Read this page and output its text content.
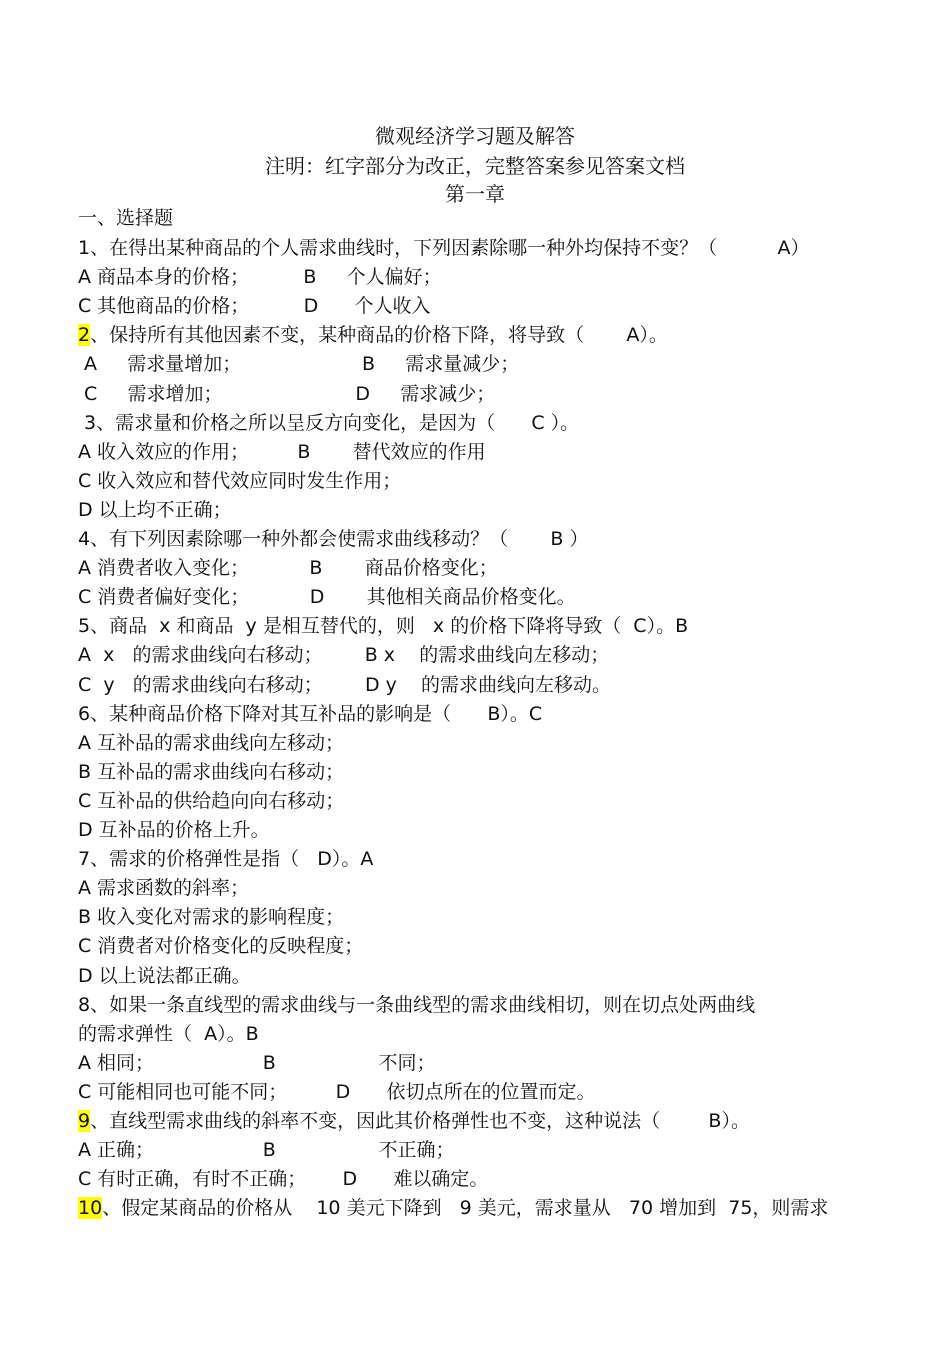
微观经济学习题及解答
注明：红字部分为改正，完整答案参见答案文档
第一章
一、选择题
1、在得出某种商品的个人需求曲线时，下列因素除哪一种外均保持不变？（          A）
A 商品本身的价格；         B     个人偏好；
C 其他商品的价格；         D      个人收入
2、保持所有其他因素不变，某种商品的价格下降，将导致（       A）。
A     需求量增加；                    B     需求量减少；
C     需求增加；                      D     需求减少；
3、需求量和价格之所以呈反方向变化，是因为（      C ）。
A 收入效应的作用；        B       替代效应的作用
C 收入效应和替代效应同时发生作用；
D 以上均不正确；
4、有下列因素除哪一种外都会使需求曲线移动？（       B ）
A 消费者收入变化；          B       商品价格变化；
C 消费者偏好变化；          D       其他相关商品价格变化。
5、商品  x 和商品  y 是相互替代的，则   x 的价格下降将导致（  C）。B
A  x   的需求曲线向右移动；       B x    的需求曲线向左移动；
C  y   的需求曲线向右移动；       D y    的需求曲线向左移动。
6、某种商品价格下降对其互补品的影响是（      B）。C
A 互补品的需求曲线向左移动；
B 互补品的需求曲线向右移动；
C 互补品的供给趋向向右移动；
D 互补品的价格上升。
7、需求的价格弹性是指（   D）。A
A 需求函数的斜率；
B 收入变化对需求的影响程度；
C 消费者对价格变化的反映程度；
D 以上说法都正确。
8、如果一条直线型的需求曲线与一条曲线型的需求曲线相切，则在切点处两曲线
的需求弹性（  A）。B
A 相同；                  B                 不同；
C 可能相同也可能不同；        D      依切点所在的位置而定。
9、直线型需求曲线的斜率不变，因此其价格弹性也不变，这种说法（        B）。
A 正确；                  B                 不正确；
C 有时正确，有时不正确；      D      难以确定。
10、假定某商品的价格从    10 美元下降到   9 美元，需求量从   70 增加到  75，则需求
